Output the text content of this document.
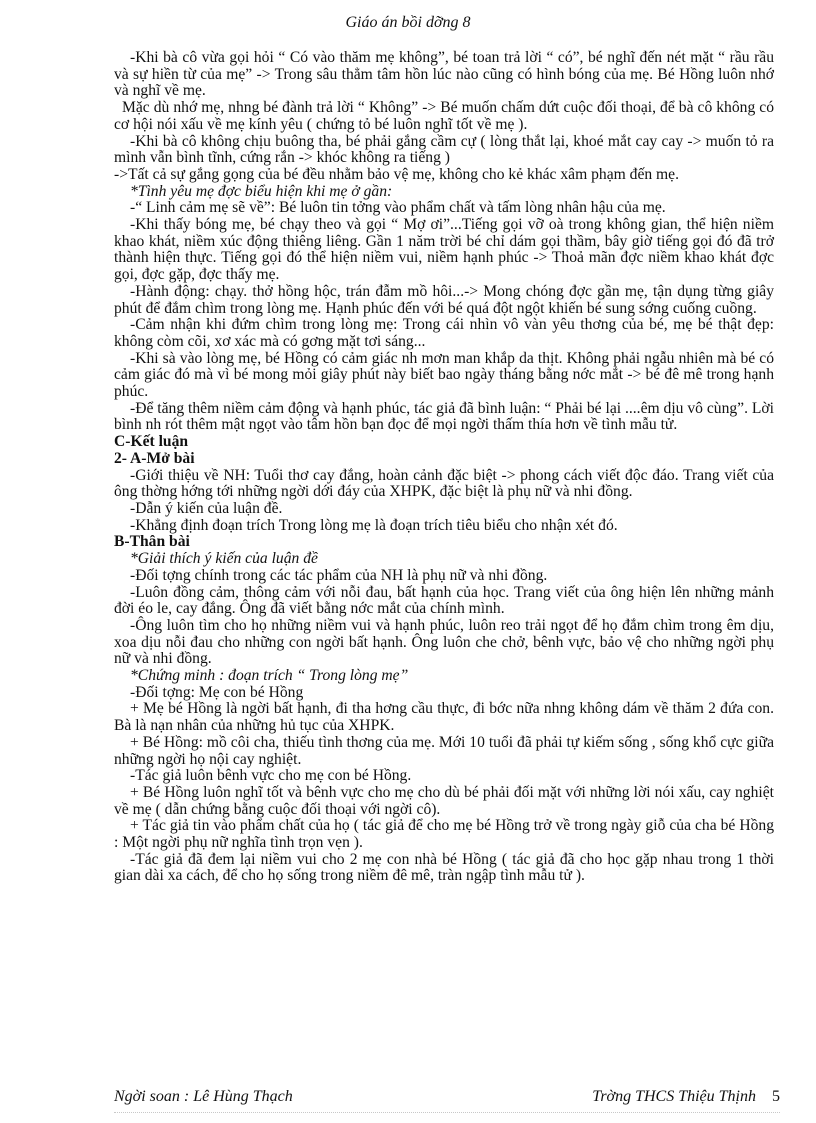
Giáo án bồi dỡng 8

-Khi bà cô vừa gọi hỏi “ Có vào thăm mẹ không”, bé toan trả lời “ có”, bé nghĩ đến nét mặt “ rầu rầu và sự hiền từ của mẹ” -> Trong sâu thẳm tâm hồn lúc nào cũng có hình bóng của mẹ. Bé Hồng luôn nhớ và nghĩ về mẹ.

Mặc dù nhớ mẹ, nhng bé đành trả lời “ Không” -> Bé muốn chấm dứt cuộc đối thoại, để bà cô không có cơ hội nói xấu về mẹ kính yêu ( chứng tỏ bé luôn nghĩ tốt về mẹ ).

-Khi bà cô không chịu buông tha, bé phải gắng cầm cự ( lòng thắt lại, khoé mắt cay cay -> muốn tỏ ra mình vẫn bình tĩnh, cứng rắn -> khóc không ra tiếng )

->Tất cả sự gắng gọng của bé đều nhằm bảo vệ mẹ, không cho kẻ khác xâm phạm đến mẹ.

*Tình yêu mẹ đợc biểu hiện khi mẹ ở gần:

-“ Linh cảm mẹ sẽ về”: Bé luôn tin tởng vào phẩm chất và tấm lòng nhân hậu của mẹ.

-Khi thấy bóng mẹ, bé chạy theo và gọi “ Mợ ơi”...Tiếng gọi vỡ oà trong không gian, thể hiện niềm khao khát, niềm xúc động thiêng liêng. Gần 1 năm trời bé chỉ dám gọi thầm, bây giờ tiếng gọi đó đã trở thành hiện thực. Tiếng gọi đó thể hiện niềm vui, niềm hạnh phúc -> Thoả mãn đợc niềm khao khát đợc gọi, đợc gặp, đợc thấy mẹ.

-Hành động: chạy. thở hồng hộc, trán đẫm mồ hôi...-> Mong chóng đợc gần mẹ, tận dụng từng giây phút để đắm chìm trong lòng mẹ. Hạnh phúc đến với bé quá đột ngột khiến bé sung sớng cuống cuồng.

-Cảm nhận khi đứm chìm trong lòng mẹ: Trong cái nhìn vô vàn yêu thơng của bé, mẹ bé thật đẹp: không còm cõi, xơ xác mà có gơng mặt tơi sáng...

-Khi sà vào lòng mẹ, bé Hồng có cảm giác nh mơn man khắp da thịt. Không phải ngẫu nhiên mà bé có cảm giác đó mà vì bé mong mỏi giây phút này biết bao ngày tháng bằng nớc mắt -> bé đê mê trong hạnh phúc.

-Để tăng thêm niềm cảm động và hạnh phúc, tác giả đã bình luận: “ Phải bé lại ....êm dịu vô cùng”. Lời bình nh rót thêm mật ngọt vào tâm hồn bạn đọc để mọi ngời thấm thía hơn về tình mẫu tử.

C-Kết luận

2- A-Mở bài

-Giới thiệu về NH: Tuổi thơ cay đắng, hoàn cảnh đặc biệt -> phong cách viết độc đáo. Trang viết của ông thờng hớng tới những ngời dới đáy của XHPK, đặc biệt là phụ nữ và nhi đồng.

-Dẫn ý kiến của luận đề.

-Khẳng định đoạn trích Trong lòng mẹ là đoạn trích tiêu biểu cho nhận xét đó.

B-Thân bài

*Giải thích ý kiến của luận đề

-Đối tợng chính trong các tác phẩm của NH là phụ nữ và nhi đồng.

-Luôn đồng cảm, thông cảm với nỗi đau, bất hạnh của học. Trang viết của ông hiện lên những mảnh đời éo le, cay đắng. Ông đã viết bằng nớc mắt của chính mình.

-Ông luôn tìm cho họ những niềm vui và hạnh phúc, luôn reo trải ngọt để họ đắm chìm trong êm dịu, xoa dịu nỗi đau cho những con ngời bất hạnh. Ông luôn che chở, bênh vực, bảo vệ cho những ngời phụ nữ và nhi đồng.

*Chứng minh : đoạn trích “ Trong lòng mẹ”

-Đối tợng: Mẹ con bé Hồng

+ Mẹ bé Hồng là ngời bất hạnh, đi tha hơng cầu thực, đi bớc nữa nhng không dám về thăm 2 đứa con. Bà là nạn nhân của những hủ tục của XHPK.

+ Bé Hồng: mồ côi cha, thiếu tình thơng của mẹ. Mới 10 tuổi đã phải tự kiếm sống , sống khổ cực giữa những ngời họ nội cay nghiệt.

-Tác giả luôn bênh vực cho mẹ con bé Hồng.

+ Bé Hồng luôn nghĩ tốt và bênh vực cho mẹ cho dù bé phải đối mặt với những lời nói xấu, cay nghiệt về mẹ ( dẫn chứng bằng cuộc đối thoại với ngời cô).

+ Tác giả tin vào phẩm chất của họ ( tác giả để cho mẹ bé Hồng trở về trong ngày giỗ của cha bé Hồng : Một ngời phụ nữ nghĩa tình trọn vẹn ).

-Tác giả đã đem lại niềm vui cho 2 mẹ con nhà bé Hồng ( tác giả đã cho học gặp nhau trong 1 thời gian dài xa cách, để cho họ sống trong niềm đê mê, tràn ngập tình mẫu tử ).

Ngời soan : Lê Hùng Thạch	Trờng THCS Thiệu Thịnh 5
